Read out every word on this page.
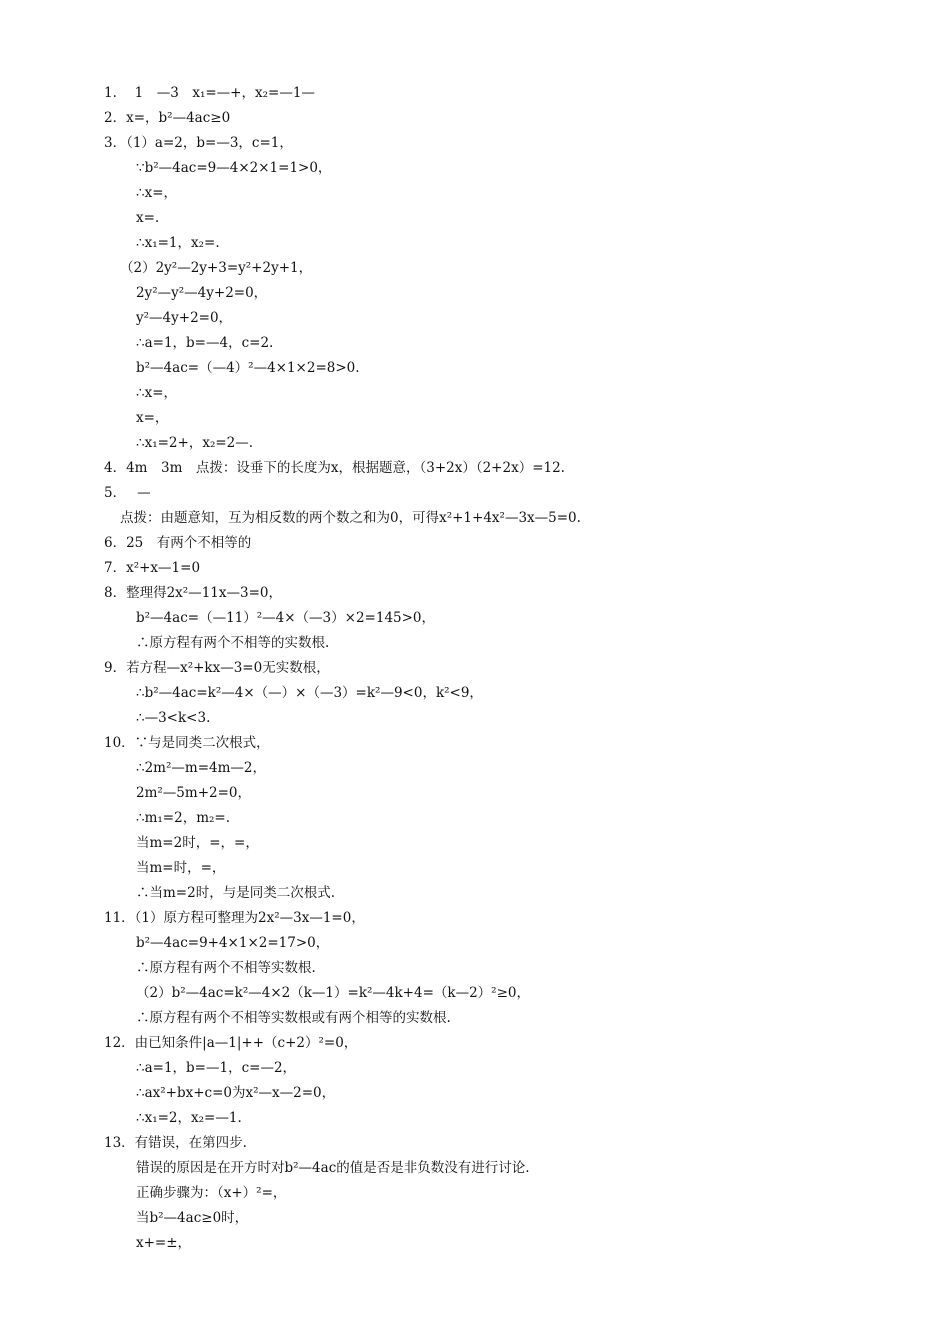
1.　 1　—3　x₁=—+，x₂=—1—
2．x=，b²—4ac≥0
3．（1）a=2，b=—3，c=1，
∵b²—4ac=9—4×2×1=1>0，
∴x=，
x=.
∴x₁=1，x₂=.
（2）2y²—2y+3=y²+2y+1，
2y²—y²—4y+2=0，
y²—4y+2=0，
∴a=1，b=—4，c=2.
b²—4ac=（—4）²—4×1×2=8>0.
∴x=，
x=，
∴x₁=2+，x₂=2—.
4．4m　3m　点拨：设垂下的长度为x，根据题意，（3+2x）（2+2x）=12.
5．　 —
点拨：由题意知，互为相反数的两个数之和为0，可得x²+1+4x²—3x—5=0.
6．25　有两个不相等的
7．x²+x—1=0
8．整理得2x²—11x—3=0，
b²—4ac=（—11）²—4×（—3）×2=145>0，
∴原方程有两个不相等的实数根.
9．若方程—x²+kx—3=0无实数根，
∴b²—4ac=k²—4×（—）×（—3）=k²—9<0，k²<9，
∴—3<k<3.
10．∵与是同类二次根式，
∴2m²—m=4m—2，
2m²—5m+2=0，
∴m₁=2，m₂=.
当m=2时，=，=，
当m=时，=，
∴当m=2时，与是同类二次根式.
11．（1）原方程可整理为2x²—3x—1=0，
b²—4ac=9+4×1×2=17>0，
∴原方程有两个不相等实数根.
（2）b²—4ac=k²—4×2（k—1）=k²—4k+4=（k—2）²≥0，
∴原方程有两个不相等实数根或有两个相等的实数根.
12．由已知条件|a—1|++（c+2）²=0，
∴a=1，b=—1，c=—2，
∴ax²+bx+c=0为x²—x—2=0，
∴x₁=2，x₂=—1.
13．有错误，在第四步.
错误的原因是在开方时对b²—4ac的值是否是非负数没有进行讨论.
正确步骤为：（x+）²=，
当b²—4ac≥0时，
x+=±，
